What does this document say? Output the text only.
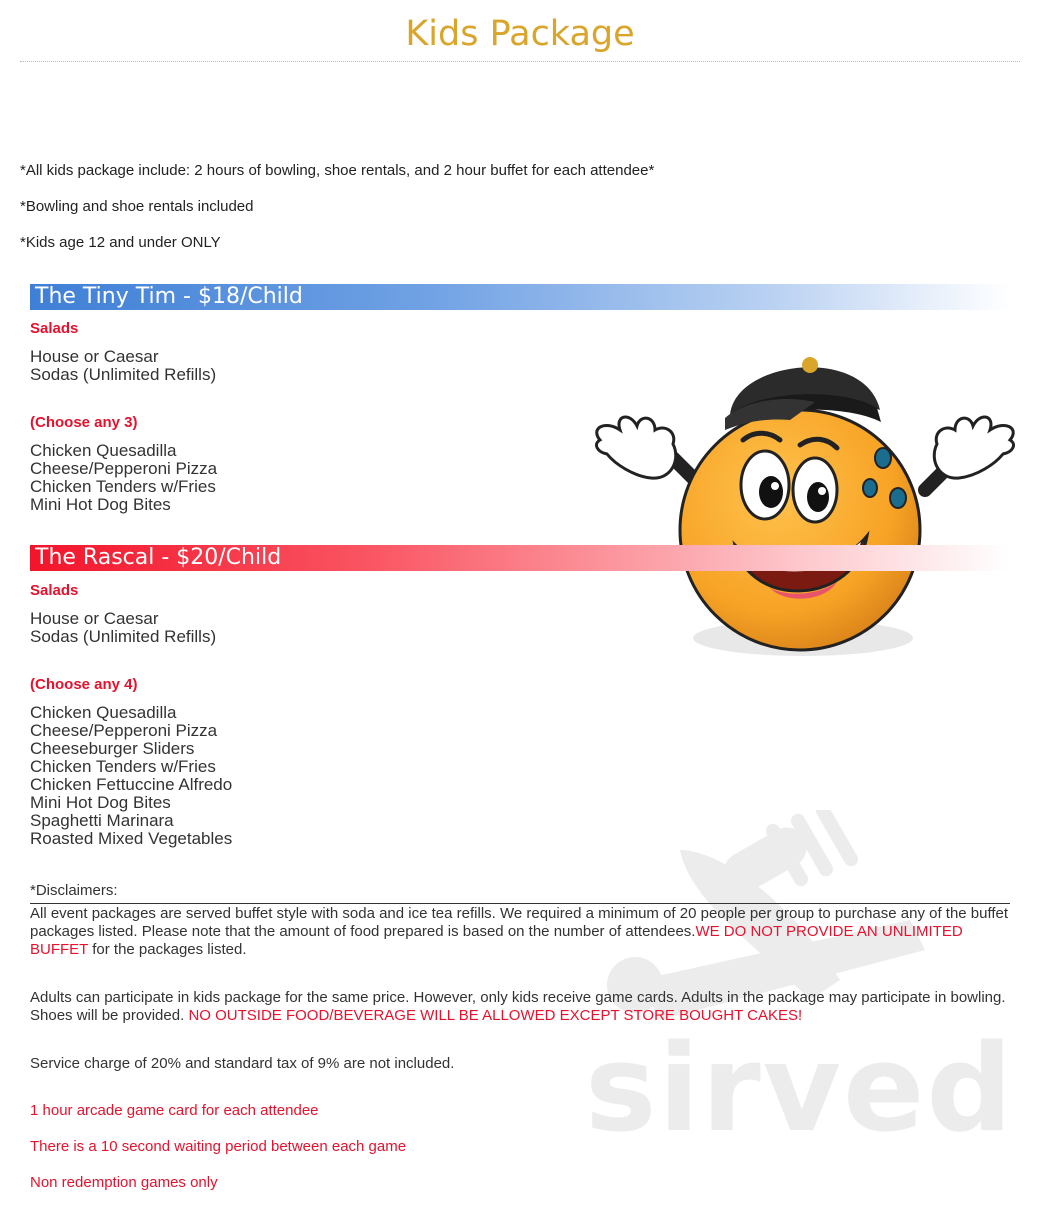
Kids Package
*All kids package include: 2 hours of bowling, shoe rentals, and 2 hour buffet for each attendee*
*Bowling and shoe rentals included
*Kids age 12 and under ONLY
sirved
The Tiny Tim - $18/Child
Salads
House or Caesar
Sodas (Unlimited Refills)
(Choose any 3)
Chicken Quesadilla
Cheese/Pepperoni Pizza
Chicken Tenders w/Fries
Mini Hot Dog Bites
The Rascal - $20/Child
Salads
House or Caesar
Sodas (Unlimited Refills)
(Choose any 4)
Chicken Quesadilla
Cheese/Pepperoni Pizza
Cheeseburger Sliders
Chicken Tenders w/Fries
Chicken Fettuccine Alfredo
Mini Hot Dog Bites
Spaghetti Marinara
Roasted Mixed Vegetables
*Disclaimers:

All event packages are served buffet style with soda and ice tea refills. We required a minimum of 20 people per group to purchase any of the buffet packages listed. Please note that the amount of food prepared is based on the number of attendees.WE DO NOT PROVIDE AN UNLIMITED BUFFET for the packages listed.

Adults can participate in kids package for the same price. However, only kids receive game cards. Adults in the package may participate in bowling. Shoes will be provided. NO OUTSIDE FOOD/BEVERAGE WILL BE ALLOWED EXCEPT STORE BOUGHT CAKES!

Service charge of 20% and standard tax of 9% are not included.

1 hour arcade game card for each attendee
There is a 10 second waiting period between each game
Non redemption games only
